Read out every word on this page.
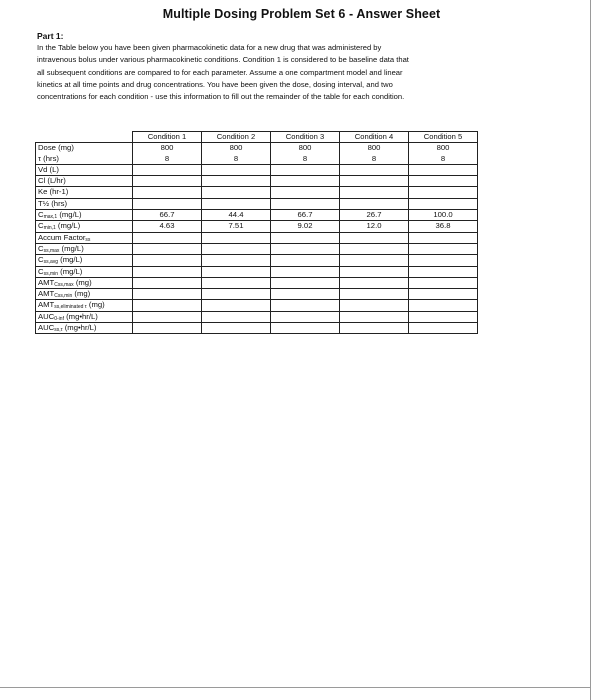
Multiple Dosing Problem Set 6 - Answer Sheet
Part 1:
In the Table below you have been given pharmacokinetic data for a new drug that was administered by
intravenous bolus under various pharmacokinetic conditions. Condition 1 is considered to be baseline data that
all subsequent conditions are compared to for each parameter. Assume a one compartment model and linear
kinetics at all time points and drug concentrations. You have been given the dose, dosing interval, and two
concentrations for each condition - use this information to fill out the remainder of the table for each condition.
	Condition 1	Condition 2	Condition 3	Condition 4	Condition 5
Dose (mg)	800	800	800	800	800
τ (hrs)	8	8	8	8	8
Vd (L)					
Cl (L/hr)					
Ke (hr-1)					
T½ (hrs)					
$C_{max,1}$ (mg/L)	66.7	44.4	66.7	26.7	100.0
$C_{min,1}$ (mg/L)	4.63	7.51	9.02	12.0	36.8
Accum Factor$_{ss}$					
$C_{ss,max}$ (mg/L)					
$C_{ss,avg}$ (mg/L)					
$C_{ss,min}$ (mg/L)					
$AMT_{Css,max}$ (mg)					
$AMT_{Css,min}$ (mg)					
$AMT_{ss,eliminated \tau}$ (mg)					
$AUC_{0-inf}$ (mg•hr/L)					
$AUC_{ss,\tau}$ (mg•hr/L)					
